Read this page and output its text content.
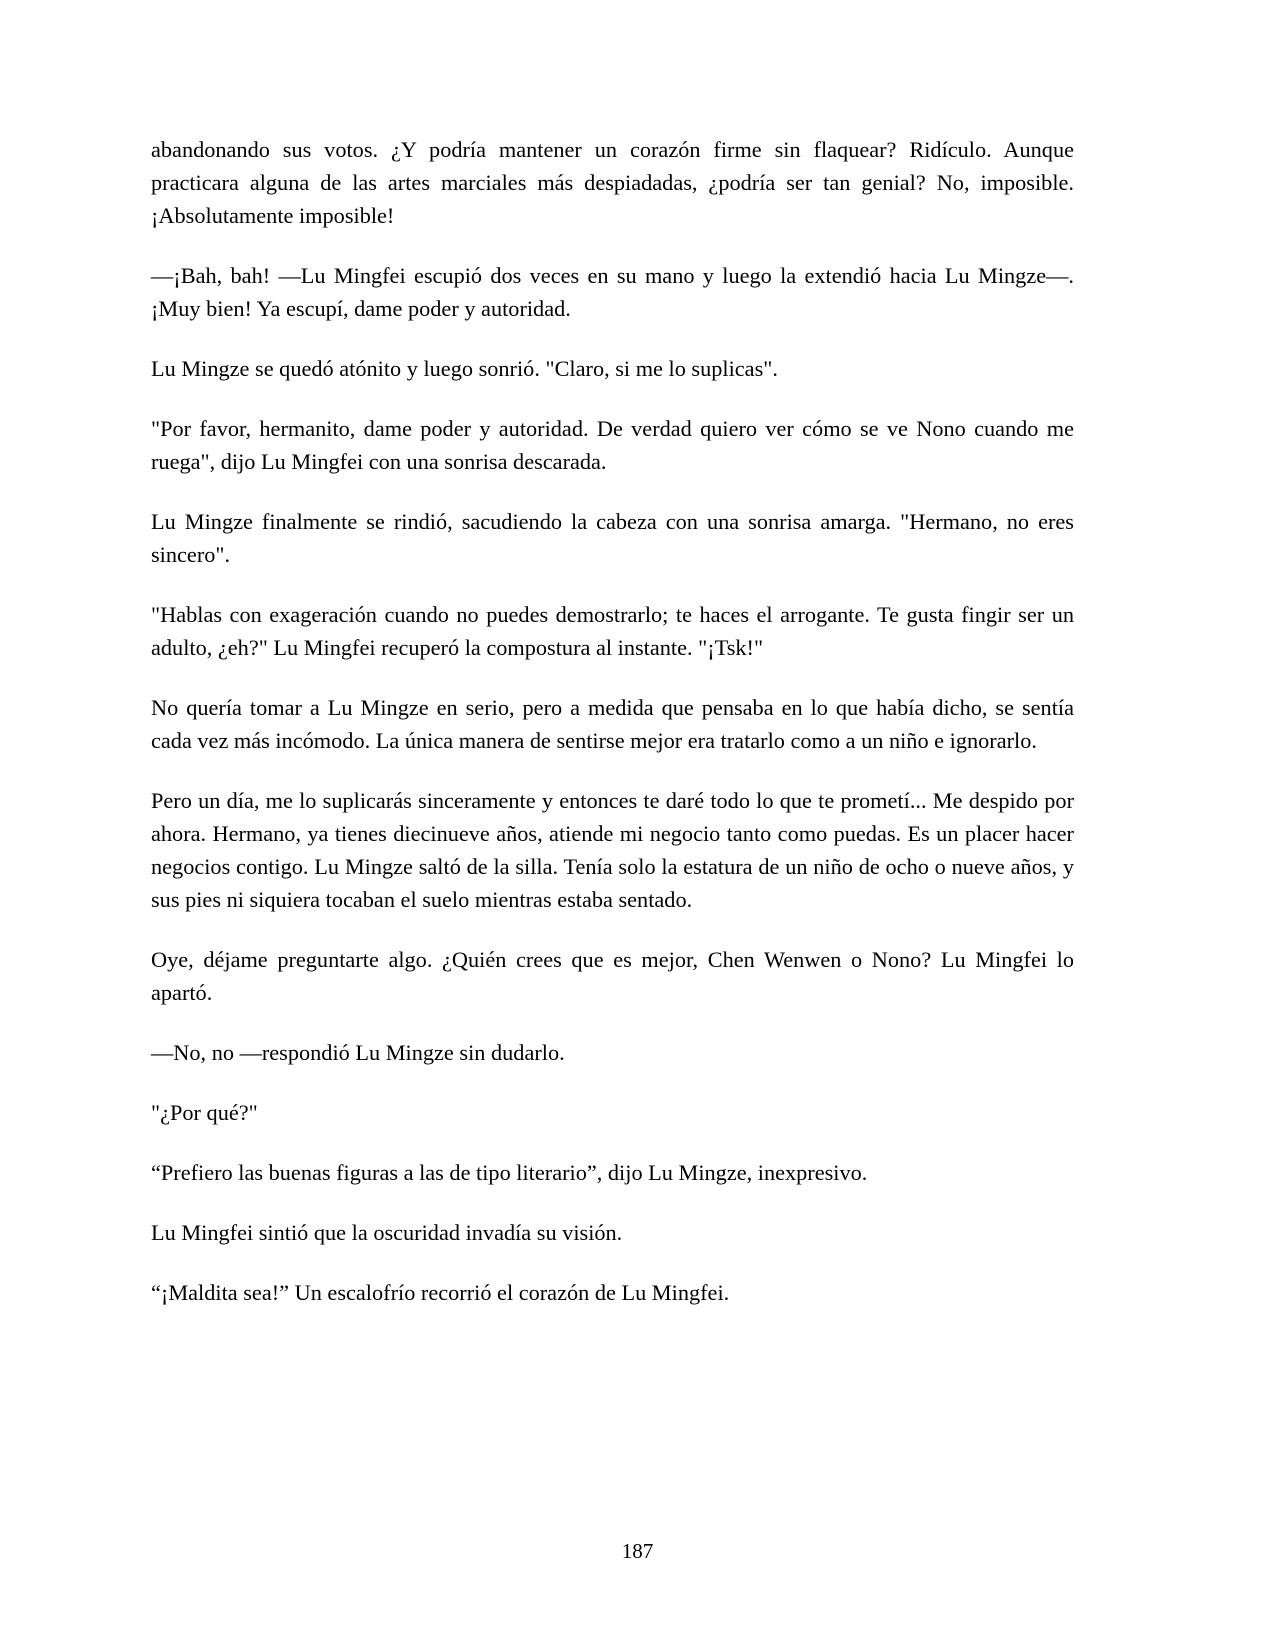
abandonando sus votos. ¿Y podría mantener un corazón firme sin flaquear? Ridículo. Aunque practicara alguna de las artes marciales más despiadadas, ¿podría ser tan genial? No, imposible. ¡Absolutamente imposible!

—¡Bah, bah! —Lu Mingfei escupió dos veces en su mano y luego la extendió hacia Lu Mingze—. ¡Muy bien! Ya escupí, dame poder y autoridad.

Lu Mingze se quedó atónito y luego sonrió. "Claro, si me lo suplicas".

"Por favor, hermanito, dame poder y autoridad. De verdad quiero ver cómo se ve Nono cuando me ruega", dijo Lu Mingfei con una sonrisa descarada.

Lu Mingze finalmente se rindió, sacudiendo la cabeza con una sonrisa amarga. "Hermano, no eres sincero".

"Hablas con exageración cuando no puedes demostrarlo; te haces el arrogante. Te gusta fingir ser un adulto, ¿eh?" Lu Mingfei recuperó la compostura al instante. "¡Tsk!"

No quería tomar a Lu Mingze en serio, pero a medida que pensaba en lo que había dicho, se sentía cada vez más incómodo. La única manera de sentirse mejor era tratarlo como a un niño e ignorarlo.

Pero un día, me lo suplicarás sinceramente y entonces te daré todo lo que te prometí... Me despido por ahora. Hermano, ya tienes diecinueve años, atiende mi negocio tanto como puedas. Es un placer hacer negocios contigo. Lu Mingze saltó de la silla. Tenía solo la estatura de un niño de ocho o nueve años, y sus pies ni siquiera tocaban el suelo mientras estaba sentado.

Oye, déjame preguntarte algo. ¿Quién crees que es mejor, Chen Wenwen o Nono? Lu Mingfei lo apartó.

—No, no —respondió Lu Mingze sin dudarlo.

"¿Por qué?"

“Prefiero las buenas figuras a las de tipo literario”, dijo Lu Mingze, inexpresivo.

Lu Mingfei sintió que la oscuridad invadía su visión.

“¡Maldita sea!” Un escalofrío recorrió el corazón de Lu Mingfei.

187
